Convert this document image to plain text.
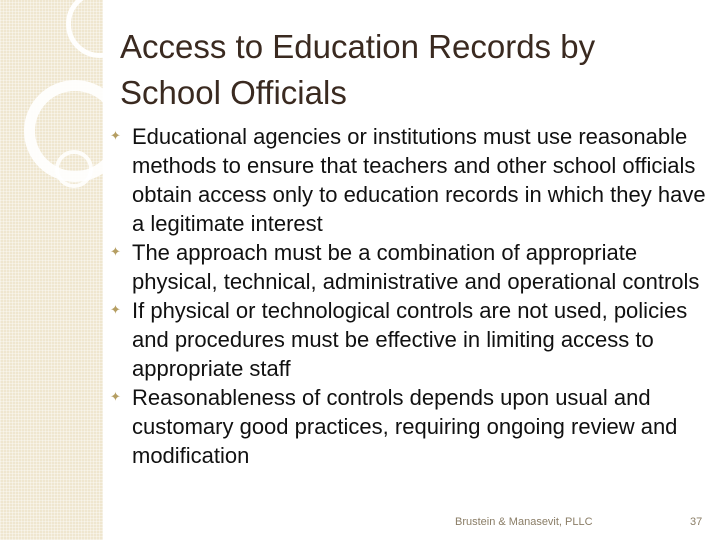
Access to Education Records by School Officials
✦ Educational agencies or institutions must use reasonable methods to ensure that teachers and other school officials obtain access only to education records in which they have a legitimate interest
✦ The approach must be a combination of appropriate physical, technical, administrative and operational controls
✦ If physical or technological controls are not used, policies and procedures must be effective in limiting access to appropriate staff
✦ Reasonableness of controls depends upon usual and customary good practices, requiring ongoing review and modification
Brustein & Manasevit, PLLC	37
